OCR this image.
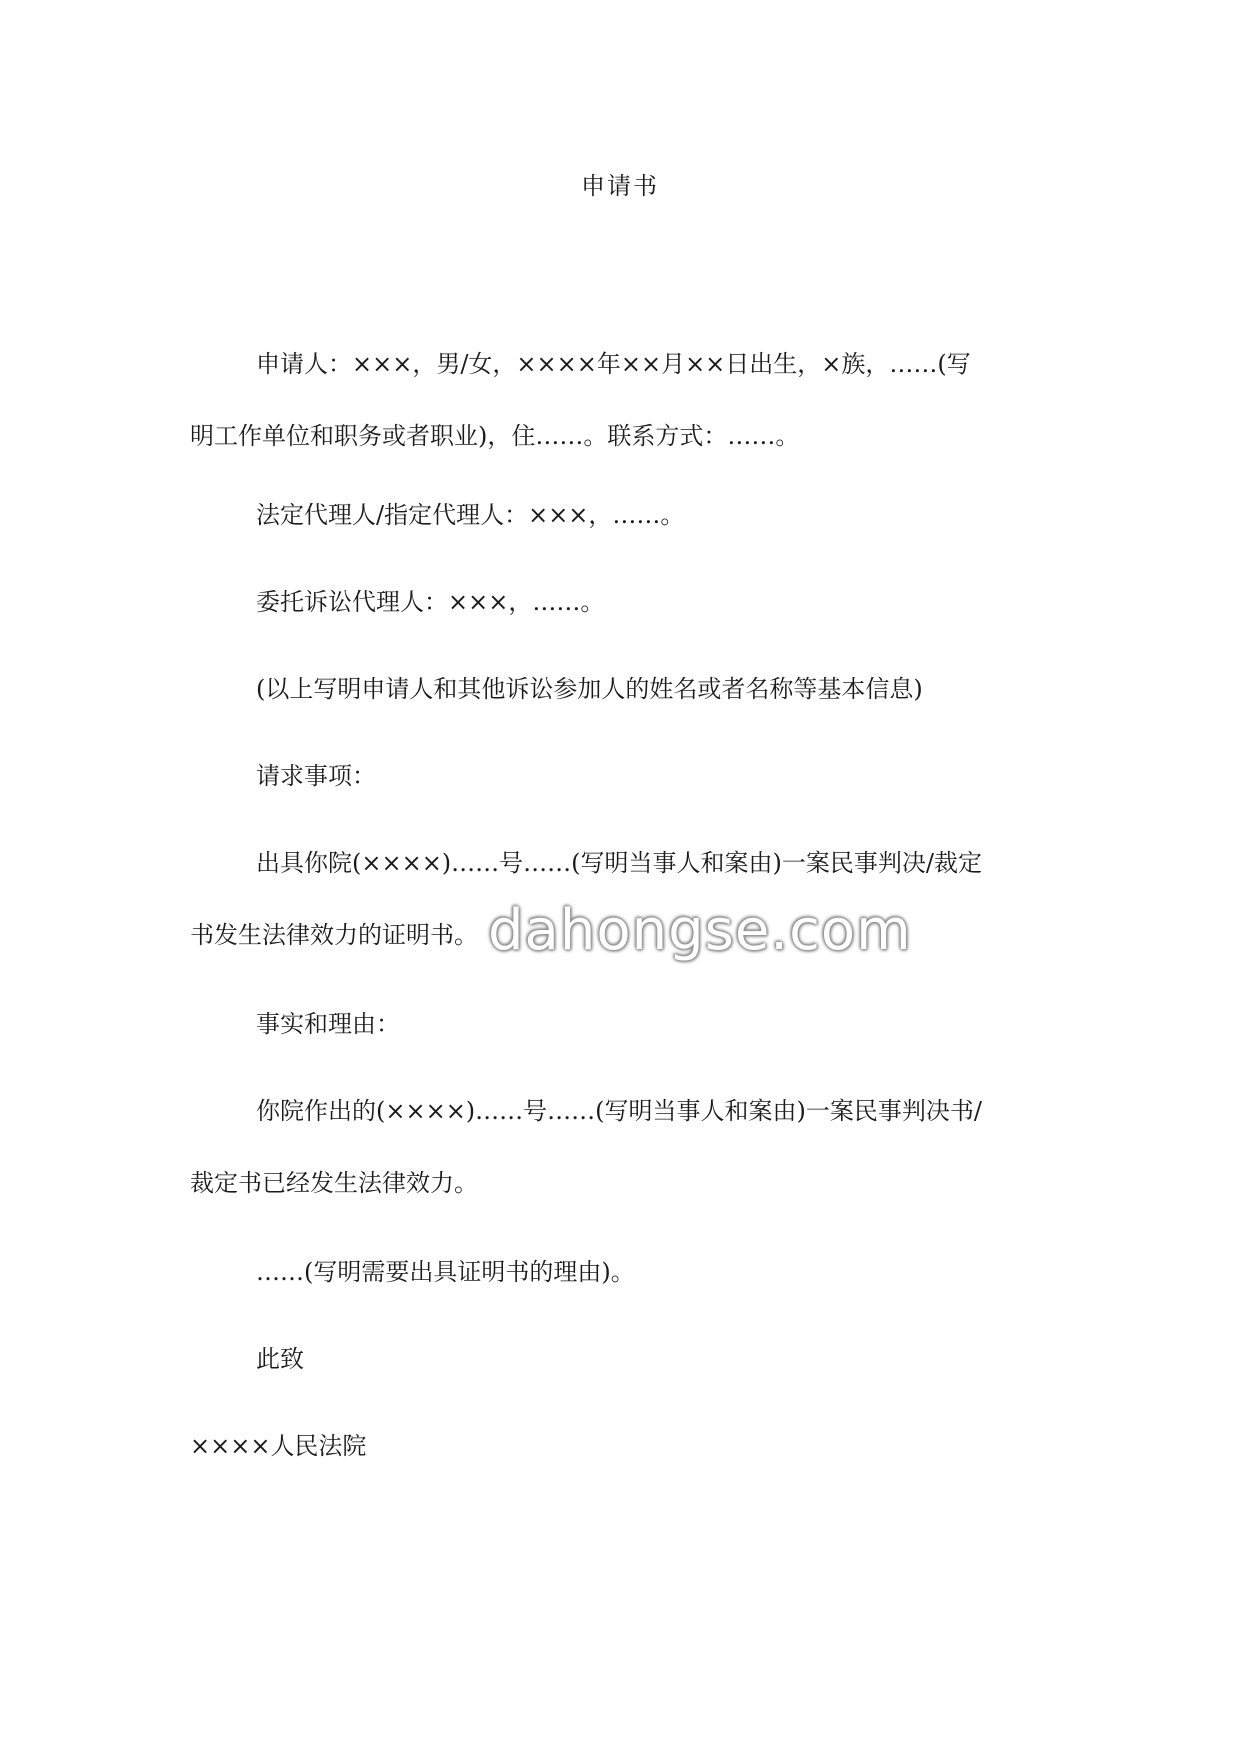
申请书
申请人：×××，男/女，××××年××月××日出生，×族，……(写
明工作单位和职务或者职业)，住……。联系方式：……。
法定代理人/指定代理人：×××，……。
委托诉讼代理人：×××，……。
(以上写明申请人和其他诉讼参加人的姓名或者名称等基本信息)
请求事项：
出具你院(××××)……号……(写明当事人和案由)一案民事判决/裁定
书发生法律效力的证明书。
事实和理由：
你院作出的(××××)……号……(写明当事人和案由)一案民事判决书/
裁定书已经发生法律效力。
……(写明需要出具证明书的理由)。
此致
××××人民法院
dahongse.com
